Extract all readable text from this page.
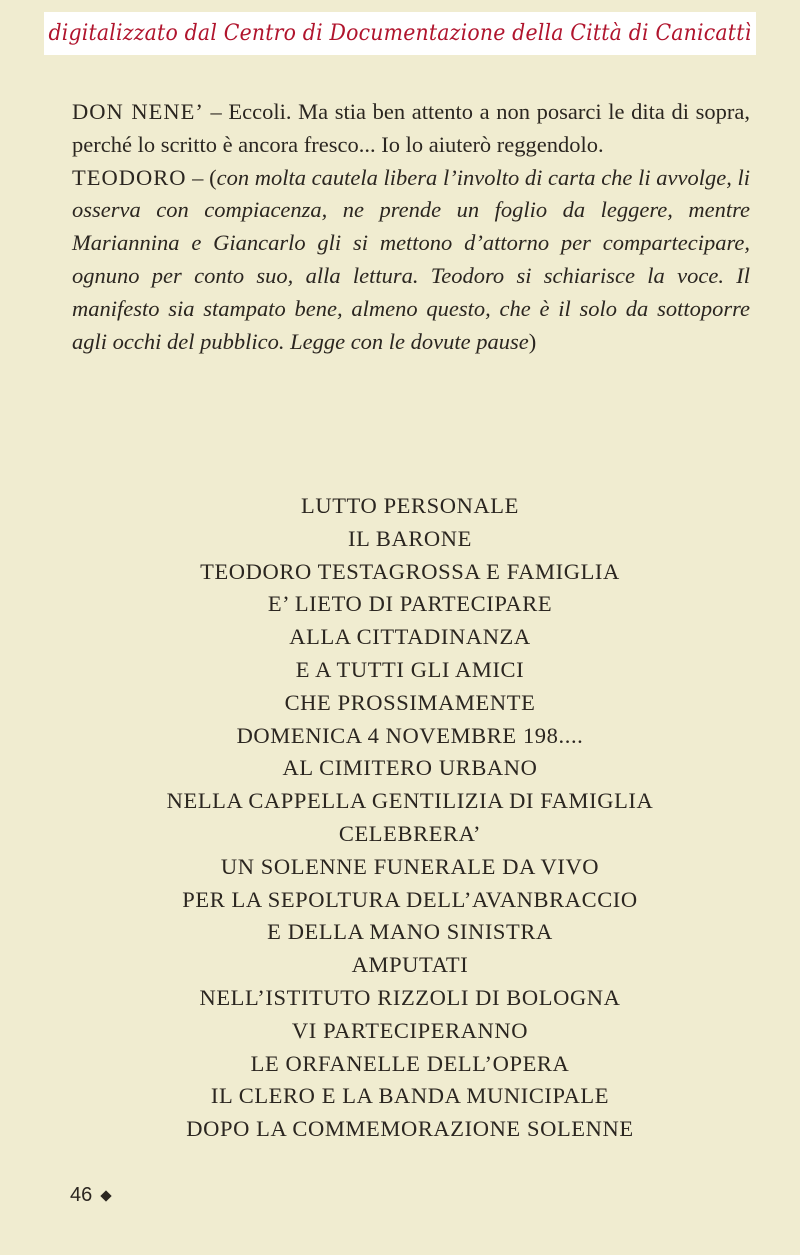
digitalizzato dal Centro di Documentazione della Città di Canicattì

DON NENE’ – Eccoli. Ma stia ben attento a non posarci le dita di sopra, perché lo scritto è ancora fresco... Io lo aiuterò reggendolo.

TEODORO – (con molta cautela libera l’involto di carta che li avvolge, li osserva con compiacenza, ne prende un foglio da leggere, mentre Mariannina e Giancarlo gli si mettono d’attorno per compartecipare, ognuno per conto suo, alla lettura. Teodoro si schiarisce la voce. Il manifesto sia stampato bene, almeno questo, che è il solo da sottoporre agli occhi del pubblico. Legge con le dovute pause)

LUTTO PERSONALE
IL BARONE
TEODORO TESTAGROSSA E FAMIGLIA
E’ LIETO DI PARTECIPARE
ALLA CITTADINANZA
E A TUTTI GLI AMICI
CHE PROSSIMAMENTE
DOMENICA 4 NOVEMBRE 198....
AL CIMITERO URBANO
NELLA CAPPELLA GENTILIZIA DI FAMIGLIA
CELEBRERA’
UN SOLENNE FUNERALE DA VIVO
PER LA SEPOLTURA DELL’AVANBRACCIO
E DELLA MANO SINISTRA
AMPUTATI
NELL’ISTITUTO RIZZOLI DI BOLOGNA
VI PARTECIPERANNO
LE ORFANELLE DELL’OPERA
IL CLERO E LA BANDA MUNICIPALE
DOPO LA COMMEMORAZIONE SOLENNE
46
